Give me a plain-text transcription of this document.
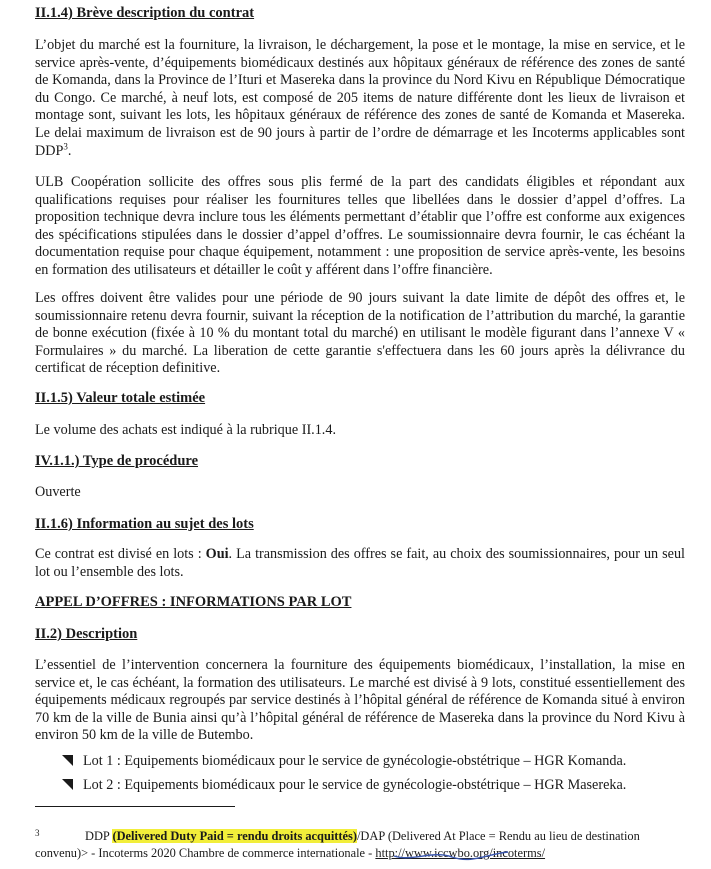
II.1.4) Brève description du contrat

L’objet du marché est la fourniture, la livraison, le déchargement, la pose et le montage, la mise en service, et le service après-vente, d’équipements biomédicaux destinés aux hôpitaux généraux de référence des zones de santé de Komanda, dans la Province de l’Ituri et Masereka dans la province du Nord Kivu en République Démocratique du Congo. Ce marché, à neuf lots, est composé de 205 items de nature différente dont les lieux de livraison et montage sont, suivant les lots, les hôpitaux généraux de référence des zones de santé de Komanda et Masereka. Le delai maximum de livraison est de 90 jours à partir de l’ordre de démarrage et les Incoterms applicables sont DDP$^3$.

ULB Coopération sollicite des offres sous plis fermé de la part des candidats éligibles et répondant aux qualifications requises pour réaliser les fournitures telles que libellées dans le dossier d’appel d’offres. La proposition technique devra inclure tous les éléments permettant d’établir que l’offre est conforme aux exigences des spécifications stipulées dans le dossier d’appel d’offres. Le soumissionnaire devra fournir, le cas échéant la documentation requise pour chaque équipement, notamment : une proposition de service après-vente, les besoins en formation des utilisateurs et détailler le coût y afférent dans l’offre financière.

Les offres doivent être valides pour une période de 90 jours suivant la date limite de dépôt des offres et, le soumissionnaire retenu devra fournir, suivant la réception de la notification de l’attribution du marché, la garantie de bonne exécution (fixée à 10 % du montant total du marché) en utilisant le modèle figurant dans l’annexe V « Formulaires » du marché. La liberation de cette garantie s'effectuera dans les 60 jours après la délivrance du certificat de réception definitive.

II.1.5) Valeur totale estimée

Le volume des achats est indiqué à la rubrique II.1.4.

IV.1.1.) Type de procédure

Ouverte

II.1.6) Information au sujet des lots

Ce contrat est divisé en lots : Oui. La transmission des offres se fait, au choix des soumissionnaires, pour un seul lot ou l’ensemble des lots.

APPEL D’OFFRES : INFORMATIONS PAR LOT
II.2) Description

L’essentiel de l’intervention concernera la fourniture des équipements biomédicaux, l’installation, la mise en service et, le cas échéant, la formation des utilisateurs. Le marché est divisé à 9 lots, constitué essentiellement des équipements médicaux regroupés par service destinés à l’hôpital général de référence de Komanda situé à environ 70 km de la ville de Bunia ainsi qu’à l’hôpital général de référence de Masereka dans la province du Nord Kivu à environ 50 km de la ville de Butembo.

Lot 1 : Equipements biomédicaux pour le service de gynécologie-obstétrique – HGR Komanda.
Lot 2 : Equipements biomédicaux pour le service de gynécologie-obstétrique – HGR Masereka.
3	DDP (Delivered Duty Paid = rendu droits acquittés)/DAP (Delivered At Place = Rendu au lieu de destination convenu)> - Incoterms 2020 Chambre de commerce internationale - http://www.iccwbo.org/incoterms/
